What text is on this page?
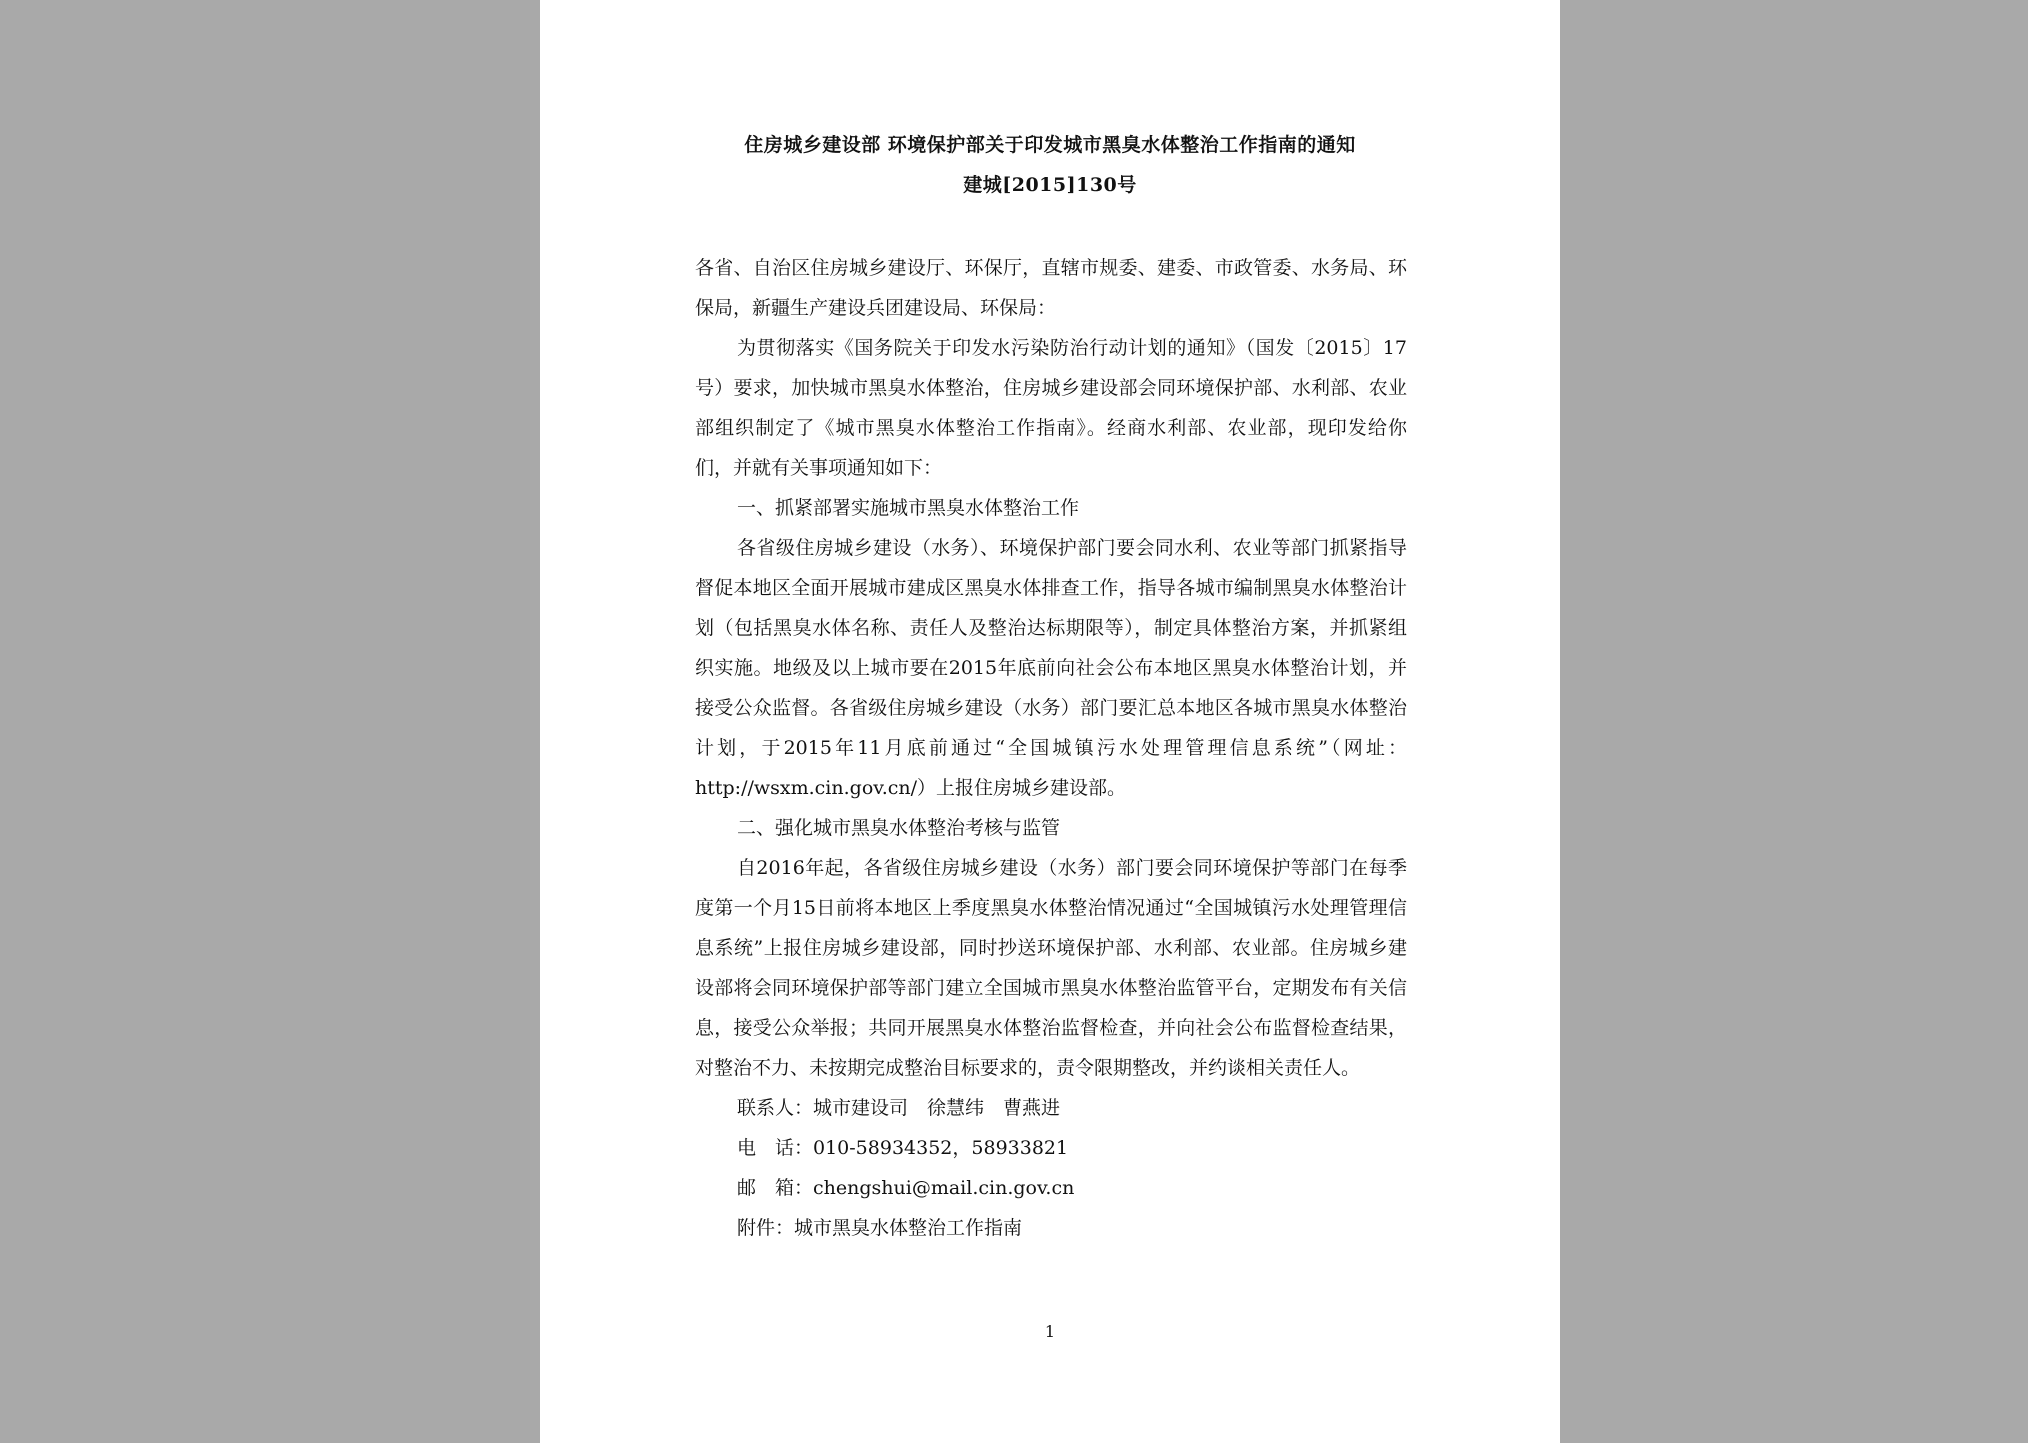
住房城乡建设部 环境保护部关于印发城市黑臭水体整治工作指南的通知
建城[2015]130号

各省、自治区住房城乡建设厅、环保厅，直辖市规委、建委、市政管委、水务局、环保局，新疆生产建设兵团建设局、环保局：

为贯彻落实《国务院关于印发水污染防治行动计划的通知》（国发〔2015〕17号）要求，加快城市黑臭水体整治，住房城乡建设部会同环境保护部、水利部、农业部组织制定了《城市黑臭水体整治工作指南》。经商水利部、农业部，现印发给你们，并就有关事项通知如下：

一、抓紧部署实施城市黑臭水体整治工作

各省级住房城乡建设（水务）、环境保护部门要会同水利、农业等部门抓紧指导督促本地区全面开展城市建成区黑臭水体排查工作，指导各城市编制黑臭水体整治计划（包括黑臭水体名称、责任人及整治达标期限等），制定具体整治方案，并抓紧组织实施。地级及以上城市要在2015年底前向社会公布本地区黑臭水体整治计划，并接受公众监督。各省级住房城乡建设（水务）部门要汇总本地区各城市黑臭水体整治计划，于2015年11月底前通过“全国城镇污水处理管理信息系统”（网址：http://wsxm.cin.gov.cn/）上报住房城乡建设部。

二、强化城市黑臭水体整治考核与监管

自2016年起，各省级住房城乡建设（水务）部门要会同环境保护等部门在每季度第一个月15日前将本地区上季度黑臭水体整治情况通过“全国城镇污水处理管理信息系统”上报住房城乡建设部，同时抄送环境保护部、水利部、农业部。住房城乡建设部将会同环境保护部等部门建立全国城市黑臭水体整治监管平台，定期发布有关信息，接受公众举报；共同开展黑臭水体整治监督检查，并向社会公布监督检查结果，对整治不力、未按期完成整治目标要求的，责令限期整改，并约谈相关责任人。

联系人：城市建设司　徐慧纬　曹燕进

电　话：010-58934352，58933821

邮　箱：chengshui@mail.cin.gov.cn

附件：城市黑臭水体整治工作指南

1
